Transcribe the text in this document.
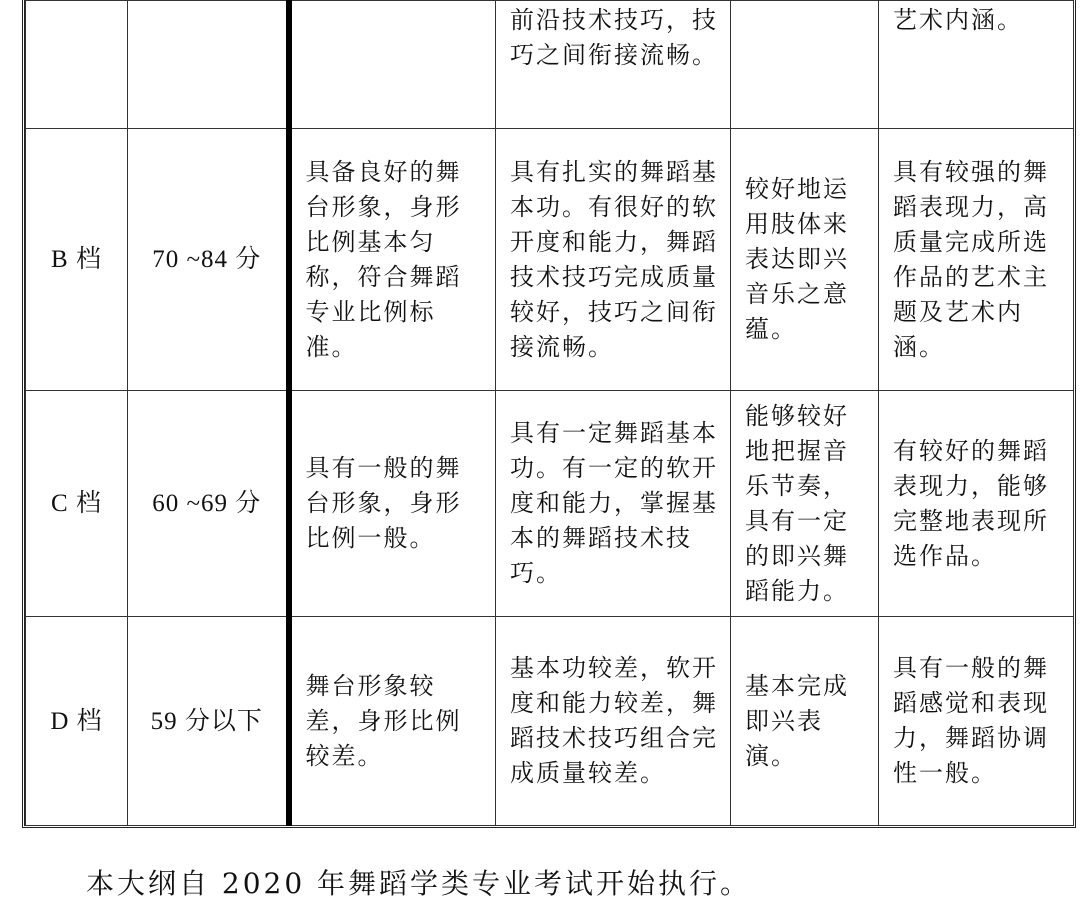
			前沿技术技巧，技巧之间衔接流畅。		艺术内涵。
B 档	70 ~84 分	具备良好的舞台形象，身形比例基本匀称，符合舞蹈专业比例标准。	具有扎实的舞蹈基本功。有很好的软开度和能力，舞蹈技术技巧完成质量较好，技巧之间衔接流畅。	较好地运用肢体来表达即兴音乐之意蕴。	具有较强的舞蹈表现力，高质量完成所选作品的艺术主题及艺术内涵。
C 档	60 ~69 分	具有一般的舞台形象，身形比例一般。	具有一定舞蹈基本功。有一定的软开度和能力，掌握基本的舞蹈技术技巧。	能够较好地把握音乐节奏，具有一定的即兴舞蹈能力。	有较好的舞蹈表现力，能够完整地表现所选作品。
D 档	59 分以下	舞台形象较差，身形比例较差。	基本功较差，软开度和能力较差，舞蹈技术技巧组合完成质量较差。	基本完成即兴表演。	具有一般的舞蹈感觉和表现力，舞蹈协调性一般。
本大纲自 2020 年舞蹈学类专业考试开始执行。
